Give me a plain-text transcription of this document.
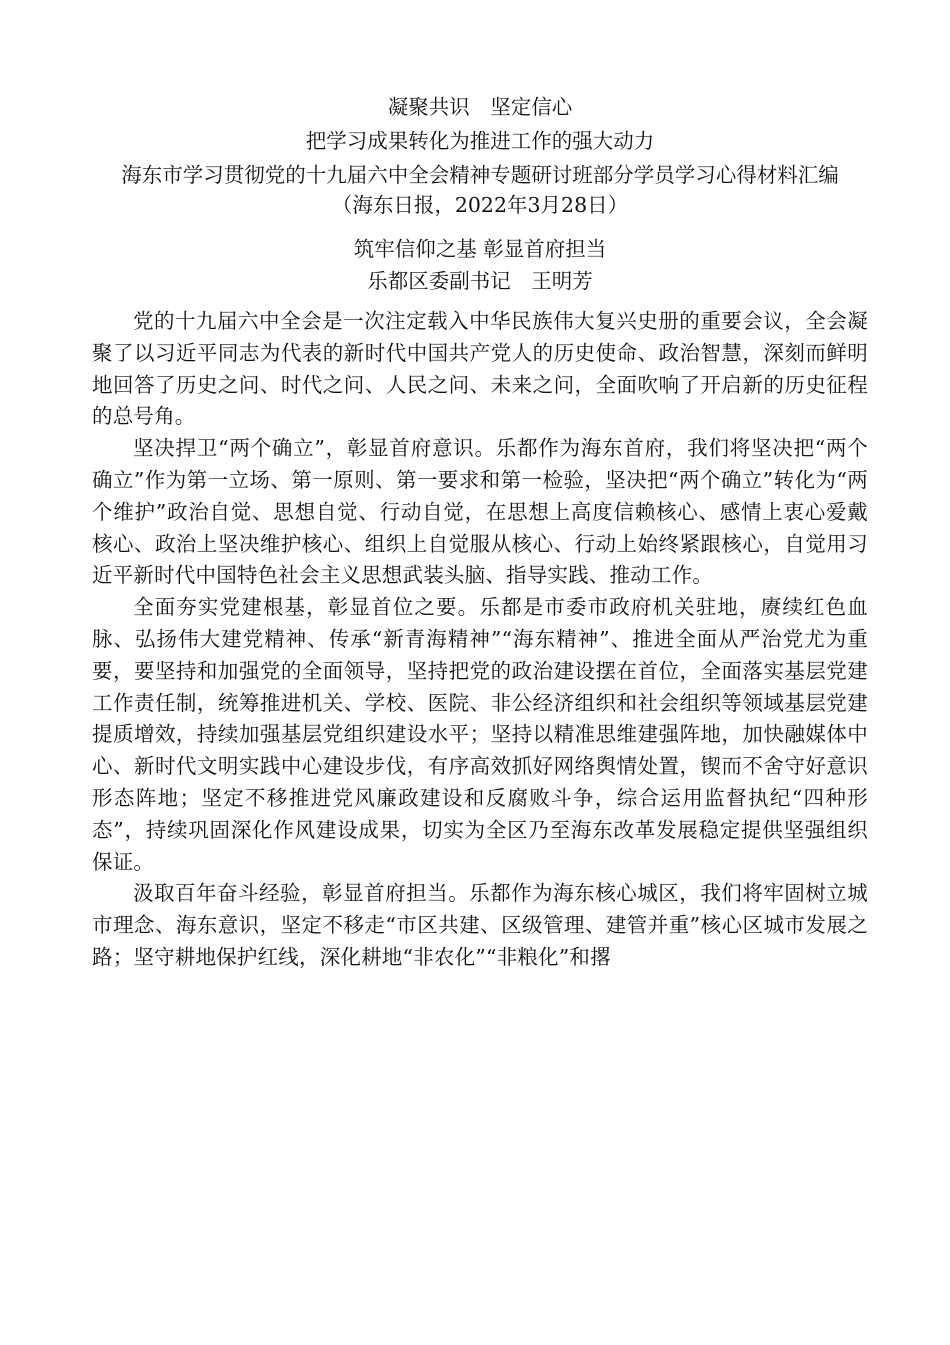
凝聚共识　坚定信心

把学习成果转化为推进工作的强大动力

海东市学习贯彻党的十九届六中全会精神专题研讨班部分学员学习心得材料汇编

（海东日报，2022年3月28日）

筑牢信仰之基 彰显首府担当

乐都区委副书记　王明芳

党的十九届六中全会是一次注定载入中华民族伟大复兴史册的重要会议，全会凝聚了以习近平同志为代表的新时代中国共产党人的历史使命、政治智慧，深刻而鲜明地回答了历史之问、时代之问、人民之问、未来之问，全面吹响了开启新的历史征程的总号角。

坚决捍卫“两个确立”，彰显首府意识。乐都作为海东首府，我们将坚决把“两个确立”作为第一立场、第一原则、第一要求和第一检验，坚决把“两个确立”转化为“两个维护”政治自觉、思想自觉、行动自觉，在思想上高度信赖核心、感情上衷心爱戴核心、政治上坚决维护核心、组织上自觉服从核心、行动上始终紧跟核心，自觉用习近平新时代中国特色社会主义思想武装头脑、指导实践、推动工作。

全面夯实党建根基，彰显首位之要。乐都是市委市政府机关驻地，赓续红色血脉、弘扬伟大建党精神、传承“新青海精神”“海东精神”、推进全面从严治党尤为重要，要坚持和加强党的全面领导，坚持把党的政治建设摆在首位，全面落实基层党建工作责任制，统筹推进机关、学校、医院、非公经济组织和社会组织等领域基层党建提质增效，持续加强基层党组织建设水平；坚持以精准思维建强阵地，加快融媒体中心、新时代文明实践中心建设步伐，有序高效抓好网络舆情处置，锲而不舍守好意识形态阵地；坚定不移推进党风廉政建设和反腐败斗争，综合运用监督执纪“四种形态”，持续巩固深化作风建设成果，切实为全区乃至海东改革发展稳定提供坚强组织保证。

汲取百年奋斗经验，彰显首府担当。乐都作为海东核心城区，我们将牢固树立城市理念、海东意识，坚定不移走“市区共建、区级管理、建管并重”核心区城市发展之路；坚守耕地保护红线，深化耕地“非农化”“非粮化”和撂
